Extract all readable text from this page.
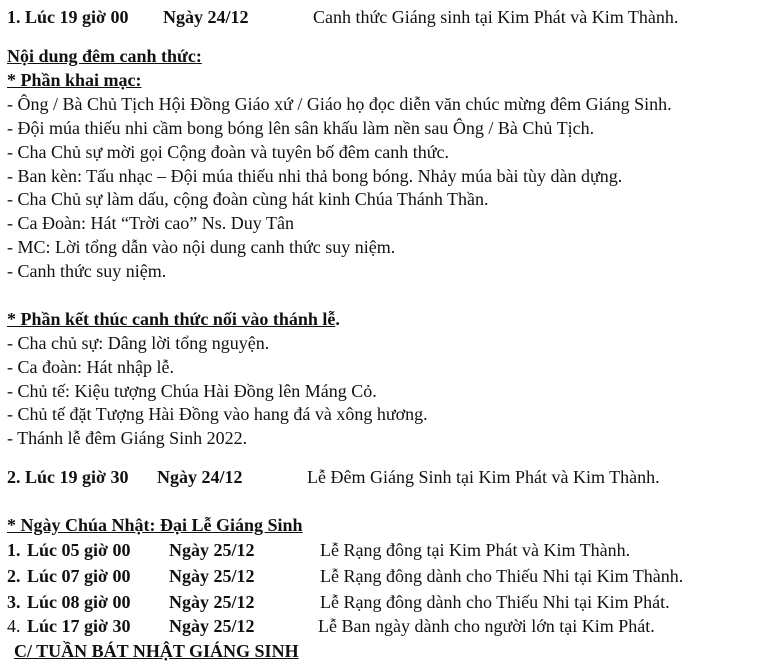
1. Lúc 19 giờ 00 Ngày 24/12	Canh thức Giáng sinh tại Kim Phát và Kim Thành.
Nội dung đêm canh thức:
* Phần khai mạc:
- Ông / Bà Chủ Tịch Hội Đồng Giáo xứ / Giáo họ đọc diễn văn chúc mừng đêm Giáng Sinh.
- Đội múa thiếu nhi cầm bong bóng lên sân khấu làm nền sau Ông / Bà Chủ Tịch.
- Cha Chủ sự mời gọi Cộng đoàn và tuyên bố đêm canh thức.
- Ban kèn: Tấu nhạc – Đội múa thiếu nhi thả bong bóng. Nhảy múa bài tùy dàn dựng.
- Cha Chủ sự làm dấu, cộng đoàn cùng hát kinh Chúa Thánh Thần.
- Ca Đoàn: Hát “Trời cao” Ns. Duy Tân
- MC: Lời tổng dẫn vào nội dung canh thức suy niệm.
- Canh thức suy niệm.
* Phần kết thúc canh thức nối vào thánh lễ.
- Cha chủ sự: Dâng lời tổng nguyện.
- Ca đoàn: Hát nhập lễ.
- Chủ tế: Kiệu tượng Chúa Hài Đồng lên Máng Cỏ.
- Chủ tế đặt Tượng Hài Đồng vào hang đá và xông hương.
- Thánh lễ đêm Giáng Sinh 2022.
2. Lúc 19 giờ 30 Ngày 24/12	Lễ Đêm Giáng Sinh tại Kim Phát và Kim Thành.
* Ngày Chúa Nhật: Đại Lễ Giáng Sinh
1. Lúc 05 giờ 00 Ngày 25/12	Lễ Rạng đông tại Kim Phát và Kim Thành.
2. Lúc 07 giờ 00 Ngày 25/12	Lễ Rạng đông dành cho Thiếu Nhi tại Kim Thành.
3. Lúc 08 giờ 00 Ngày 25/12	Lễ Rạng đông dành cho Thiếu Nhi tại Kim Phát.
4. Lúc 17 giờ 30 Ngày 25/12	Lễ Ban ngày dành cho người lớn tại Kim Phát.
C/ TUẦN BÁT NHẬT GIÁNG SINH
